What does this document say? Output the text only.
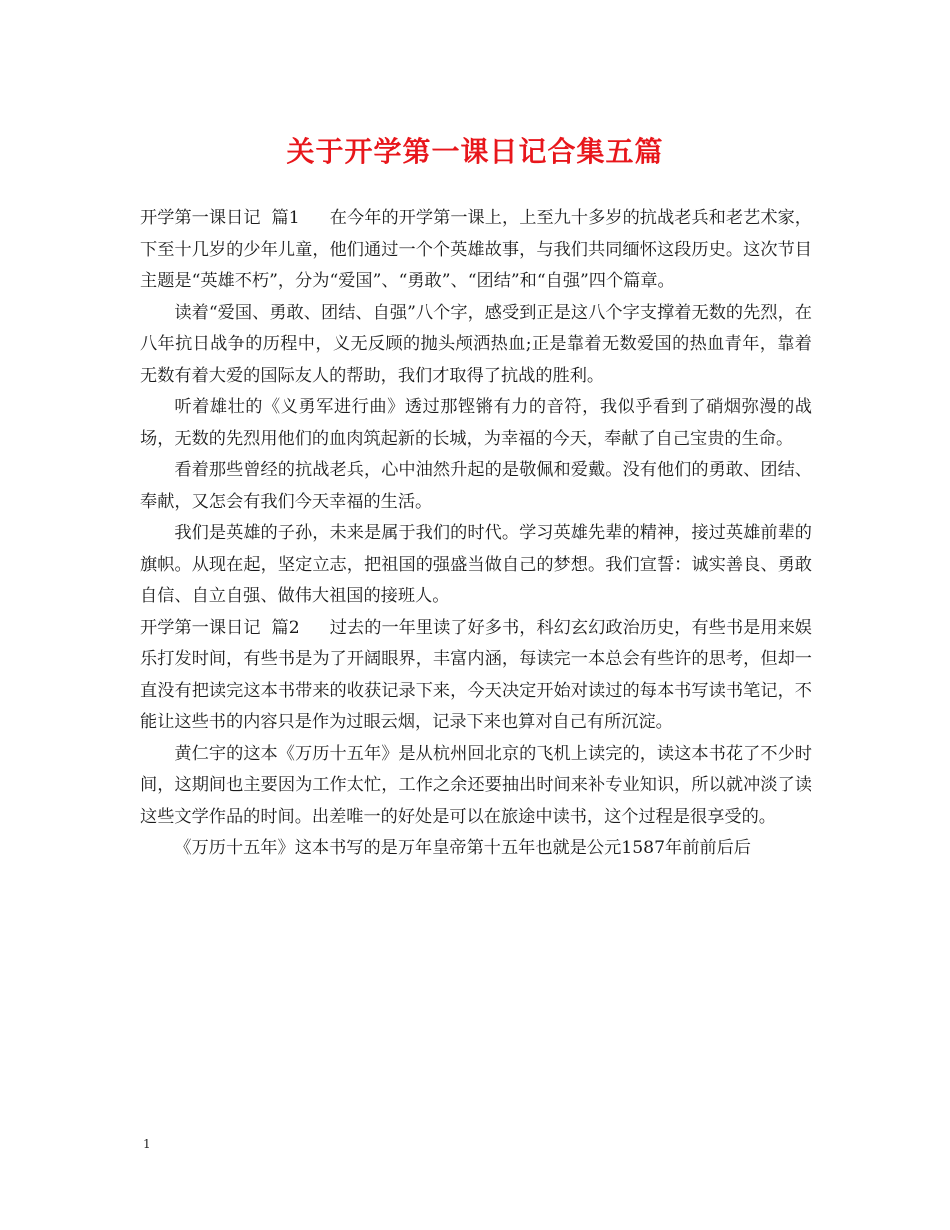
关于开学第一课日记合集五篇

开学第一课日记  篇1 在今年的开学第一课上，上至九十多岁的抗战老兵和老艺术家，下至十几岁的少年儿童，他们通过一个个英雄故事，与我们共同缅怀这段历史。这次节目主题是“英雄不朽”，分为“爱国”、“勇敢”、“团结”和“自强”四个篇章。

读着“爱国、勇敢、团结、自强”八个字，感受到正是这八个字支撑着无数的先烈，在八年抗日战争的历程中，义无反顾的抛头颅洒热血;正是靠着无数爱国的热血青年，靠着无数有着大爱的国际友人的帮助，我们才取得了抗战的胜利。

听着雄壮的《义勇军进行曲》透过那铿锵有力的音符，我似乎看到了硝烟弥漫的战场，无数的先烈用他们的血肉筑起新的长城，为幸福的今天，奉献了自己宝贵的生命。

看着那些曾经的抗战老兵，心中油然升起的是敬佩和爱戴。没有他们的勇敢、团结、奉献，又怎会有我们今天幸福的生活。

我们是英雄的子孙，未来是属于我们的时代。学习英雄先辈的精神，接过英雄前辈的旗帜。从现在起，坚定立志，把祖国的强盛当做自己的梦想。我们宣誓：诚实善良、勇敢自信、自立自强、做伟大祖国的接班人。

开学第一课日记  篇2 过去的一年里读了好多书，科幻玄幻政治历史，有些书是用来娱乐打发时间，有些书是为了开阔眼界，丰富内涵，每读完一本总会有些许的思考，但却一直没有把读完这本书带来的收获记录下来，今天决定开始对读过的每本书写读书笔记，不能让这些书的内容只是作为过眼云烟，记录下来也算对自己有所沉淀。

黄仁宇的这本《万历十五年》是从杭州回北京的飞机上读完的，读这本书花了不少时间，这期间也主要因为工作太忙，工作之余还要抽出时间来补专业知识，所以就冲淡了读这些文学作品的时间。出差唯一的好处是可以在旅途中读书，这个过程是很享受的。

《万历十五年》这本书写的是万年皇帝第十五年也就是公元1587年前前后后

1
